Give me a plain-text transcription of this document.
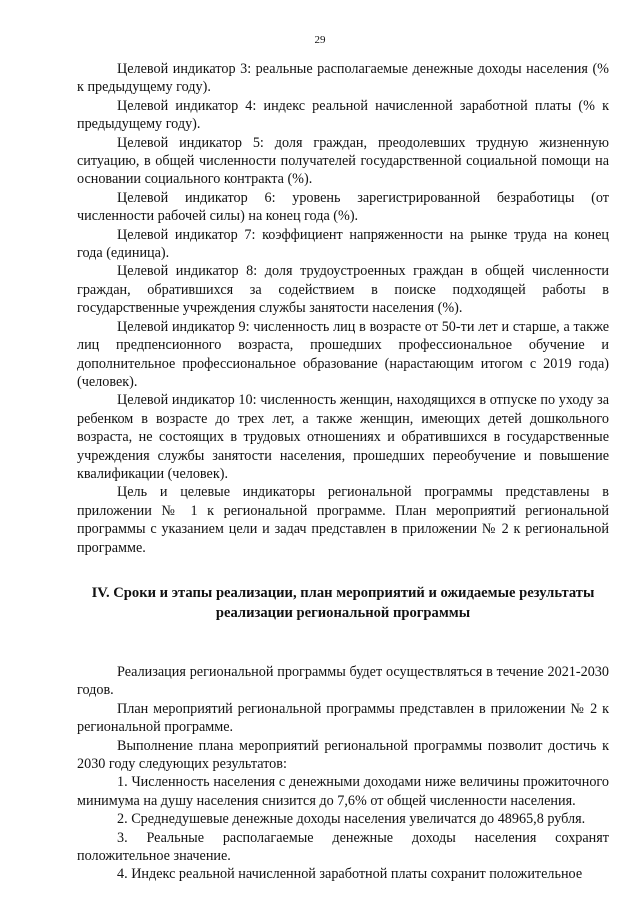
29

Целевой индикатор 3: реальные располагаемые денежные доходы населения (% к предыдущему году).

Целевой индикатор 4: индекс реальной начисленной заработной платы (% к предыдущему году).

Целевой индикатор 5: доля граждан, преодолевших трудную жизненную ситуацию, в общей численности получателей государственной социальной помощи на основании социального контракта (%).

Целевой индикатор 6: уровень зарегистрированной безработицы (от численности рабочей силы) на конец года (%).

Целевой индикатор 7: коэффициент напряженности на рынке труда на конец года (единица).

Целевой индикатор 8: доля трудоустроенных граждан в общей численности граждан, обратившихся за содействием в поиске подходящей работы в государственные учреждения службы занятости населения (%).

Целевой индикатор 9: численность лиц в возрасте от 50-ти лет и старше, а также лиц предпенсионного возраста, прошедших профессиональное обучение и дополнительное профессиональное образование (нарастающим итогом с 2019 года) (человек).

Целевой индикатор 10: численность женщин, находящихся в отпуске по уходу за ребенком в возрасте до трех лет, а также женщин, имеющих детей дошкольного возраста, не состоящих в трудовых отношениях и обратившихся в государственные учреждения службы занятости населения, прошедших переобучение и повышение квалификации (человек).

Цель и целевые индикаторы региональной программы представлены в приложении № 1 к региональной программе. План мероприятий региональной программы с указанием цели и задач представлен в приложении № 2 к региональной программе.

IV. Сроки и этапы реализации, план мероприятий и ожидаемые результаты
реализации региональной программы

Реализация региональной программы будет осуществляться в течение 2021-2030 годов.

План мероприятий региональной программы представлен в приложении № 2 к региональной программе.

Выполнение плана мероприятий региональной программы позволит достичь к 2030 году следующих результатов:

1. Численность населения с денежными доходами ниже величины прожиточного минимума на душу населения снизится до 7,6% от общей численности населения.

2. Среднедушевые денежные доходы населения увеличатся до 48965,8 рубля.

3. Реальные располагаемые денежные доходы населения сохранят положительное значение.

4. Индекс реальной начисленной заработной платы сохранит положительное
